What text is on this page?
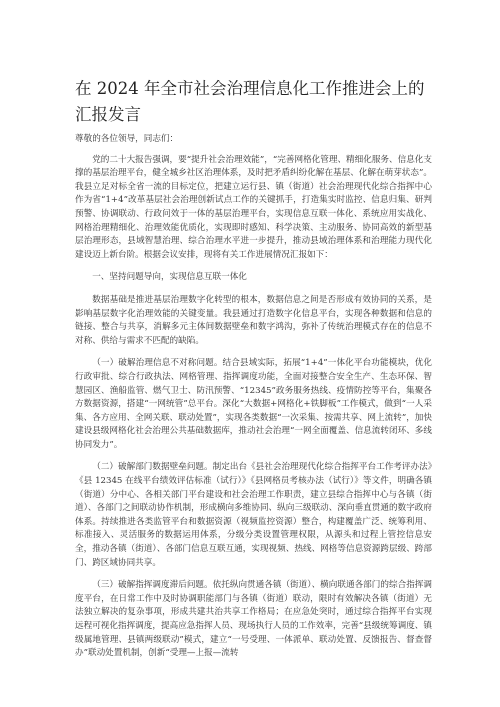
在 2024 年全市社会治理信息化工作推进会上的汇报发言

尊敬的各位领导，同志们：

党的二十大报告强调，要“提升社会治理效能”，“完善网格化管理、精细化服务、信息化支撑的基层治理平台，健全城乡社区治理体系，及时把矛盾纠纷化解在基层、化解在萌芽状态”。我县立足对标全省一流的目标定位，把建立运行县、镇（街道）社会治理现代化综合指挥中心作为省“1+4”改革基层社会治理创新试点工作的关键抓手，打造集实时监控、信息归集、研判预警、协调联动、行政问效于一体的基层治理平台，实现信息互联一体化、系统应用实战化、网格治理精细化、治理效能优质化，实现即时感知、科学决策、主动服务、协同高效的新型基层治理形态，县域智慧治理、综合治理水平进一步提升，推动县域治理体系和治理能力现代化建设迈上新台阶。根据会议安排，现将有关工作进展情况汇报如下：

一、坚持问题导向，实现信息互联一体化

数据基础是推进基层治理数字化转型的根本，数据信息之间是否形成有效协同的关系，是影响基层数字化治理效能的关键变量。我县通过打造数字化信息平台，实现各种数据和信息的链接、整合与共享，消解多元主体间数据壁垒和数字鸿沟，弥补了传统治理模式存在的信息不对称、供给与需求不匹配的缺陷。

（一）破解治理信息不对称问题。结合县域实际，拓展“1+4”一体化平台功能模块，优化行政审批、综合行政执法、网格管理、指挥调度功能，全面对接整合安全生产、生态环保、智慧园区、渔船监管、燃气卫士、防汛预警、“12345”政务服务热线、疫情防控等平台，集聚各方数据资源，搭建“一网统管”总平台。深化“大数据+网格化+铁脚板”工作模式，做到“一人采集、各方应用、全网关联、联动处置”，实现各类数据“一次采集、按需共享、网上流转”，加快建设县级网格化社会治理公共基础数据库，推动社会治理“一网全面覆盖、信息流转闭环、多线协同发力”。

（二）破解部门数据壁垒问题。制定出台《县社会治理现代化综合指挥平台工作考评办法》《县 12345 在线平台绩效评估标准（试行）》《县网格员考核办法（试行）》等文件，明确各镇（街道）分中心、各相关部门平台建设和社会治理工作职责，建立县综合指挥中心与各镇（街道）、各部门之间联动协作机制，形成横向多维协同、纵向三级联动、深向垂直贯通的数字政府体系。持续推进各类监管平台和数据资源（视频监控资源）整合，构建覆盖广泛、统筹利用、标准接入、灵活服务的数据运用体系，分级分类设置管理权限，从源头和过程上管控信息安全，推动各镇（街道）、各部门信息互联互通，实现视频、热线、网格等信息资源跨层级、跨部门、跨区域协同共享。

（三）破解指挥调度滞后问题。依托纵向贯通各镇（街道）、横向联通各部门的综合指挥调度平台，在日常工作中及时协调职能部门与各镇（街道）联动，限时有效解决各镇（街道）无法独立解决的复杂事项，形成共建共治共享工作格局；在应急处突时，通过综合指挥平台实现远程可视化指挥调度，提高应急指挥人员、现场执行人员的工作效率，完善“县级统筹调度、镇级属地管理、县镇两级联动”模式，建立“一号受理、一体派单、联动处置、反馈报告、督查督办”联动处置机制，创新“受理—上报—流转
